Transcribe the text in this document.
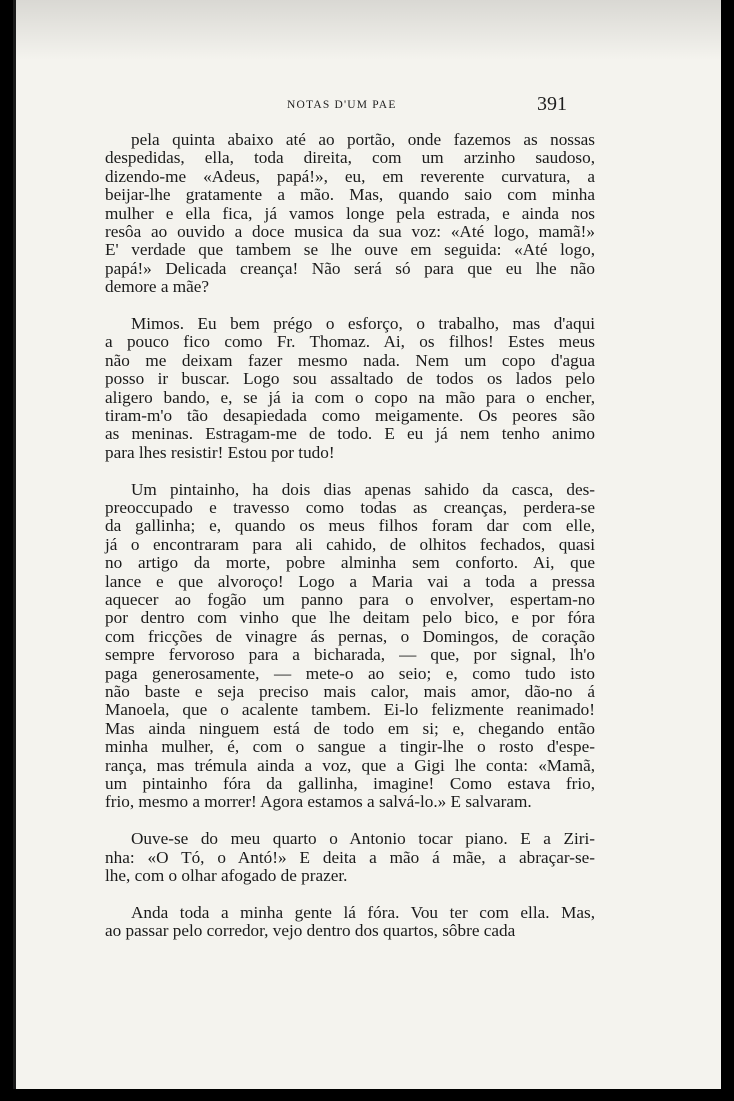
NOTAS D'UM PAE	391

pela quinta abaixo até ao portão, onde fazemos as nossas
despedidas, ella, toda direita, com um arzinho saudoso,
dizendo-me «Adeus, papá!», eu, em reverente curvatura, a
beijar-lhe gratamente a mão. Mas, quando saio com minha
mulher e ella fica, já vamos longe pela estrada, e ainda nos
resôa ao ouvido a doce musica da sua voz: «Até logo, mamã!»
E' verdade que tambem se lhe ouve em seguida: «Até logo,
papá!» Delicada creança! Não será só para que eu lhe não
demore a mãe?

Mimos. Eu bem prégo o esforço, o trabalho, mas d'aqui
a pouco fico como Fr. Thomaz. Ai, os filhos! Estes meus
não me deixam fazer mesmo nada. Nem um copo d'agua
posso ir buscar. Logo sou assaltado de todos os lados pelo
aligero bando, e, se já ia com o copo na mão para o encher,
tiram-m'o tão desapiedada como meigamente. Os peores são
as meninas. Estragam-me de todo. E eu já nem tenho animo
para lhes resistir! Estou por tudo!

Um pintainho, ha dois dias apenas sahido da casca, des-
preoccupado e travesso como todas as creanças, perdera-se
da gallinha; e, quando os meus filhos foram dar com elle,
já o encontraram para ali cahido, de olhitos fechados, quasi
no artigo da morte, pobre alminha sem conforto. Ai, que
lance e que alvoroço! Logo a Maria vai a toda a pressa
aquecer ao fogão um panno para o envolver, espertam-no
por dentro com vinho que lhe deitam pelo bico, e por fóra
com fricções de vinagre ás pernas, o Domingos, de coração
sempre fervoroso para a bicharada, — que, por signal, lh'o
paga generosamente, — mete-o ao seio; e, como tudo isto
não baste e seja preciso mais calor, mais amor, dão-no á
Manoela, que o acalente tambem. Ei-lo felizmente reanimado!
Mas ainda ninguem está de todo em si; e, chegando então
minha mulher, é, com o sangue a tingir-lhe o rosto d'espe-
rança, mas trémula ainda a voz, que a Gigi lhe conta: «Mamã,
um pintainho fóra da gallinha, imagine! Como estava frio,
frio, mesmo a morrer! Agora estamos a salvá-lo.» E salvaram.

Ouve-se do meu quarto o Antonio tocar piano. E a Zirі-
nha: «O Tó, o Antó!» E deita a mão á mãe, a abraçar-se-
lhe, com o olhar afogado de prazer.

Anda toda a minha gente lá fóra. Vou ter com ella. Mas,
ao passar pelo corredor, vejo dentro dos quartos, sôbre cada
